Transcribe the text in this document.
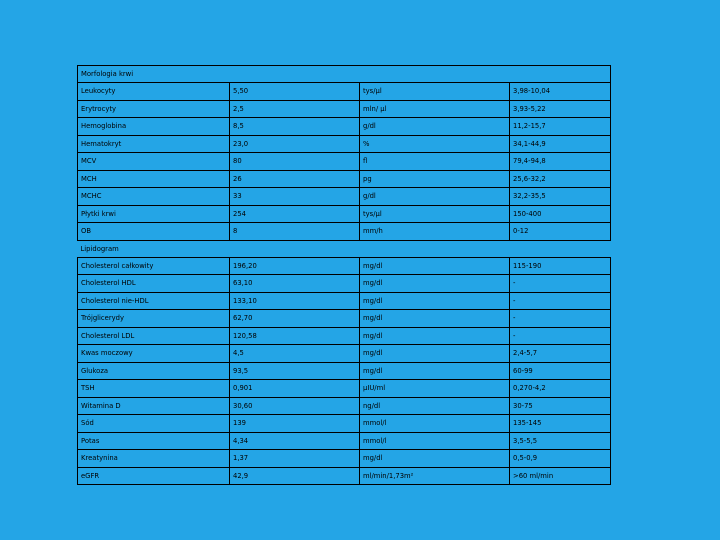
Morfologia krwi			
Leukocyty	5,50	tys/µl	3,98-10,04
Erytrocyty	2,5	mln/ µl	3,93-5,22
Hemoglobina	8,5	g/dl	11,2-15,7
Hematokryt	23,0	%	34,1-44,9
MCV	80	fl	79,4-94,8
MCH	26	pg	25,6-32,2
MCHC	33	g/dl	32,2-35,5
Płytki krwi	254	tys/µl	150-400
OB	8	mm/h	0-12
Lipidogram			
Cholesterol całkowity	196,20	mg/dl	115-190
Cholesterol HDL	63,10	mg/dl	-
Cholesterol nie-HDL	133,10	mg/dl	-
Trójglicerydy	62,70	mg/dl	-
Cholesterol LDL	120,58	mg/dl	-
Kwas moczowy	4,5	mg/dl	2,4-5,7
Glukoza	93,5	mg/dl	60-99
TSH	0,901	µIU/ml	0,270-4,2
Witamina D	30,60	ng/dl	30-75
Sód	139	mmol/l	135-145
Potas	4,34	mmol/l	3,5-5,5
Kreatynina	1,37	mg/dl	0,5-0,9
eGFR	42,9	ml/min/1,73m²	>60 ml/min
